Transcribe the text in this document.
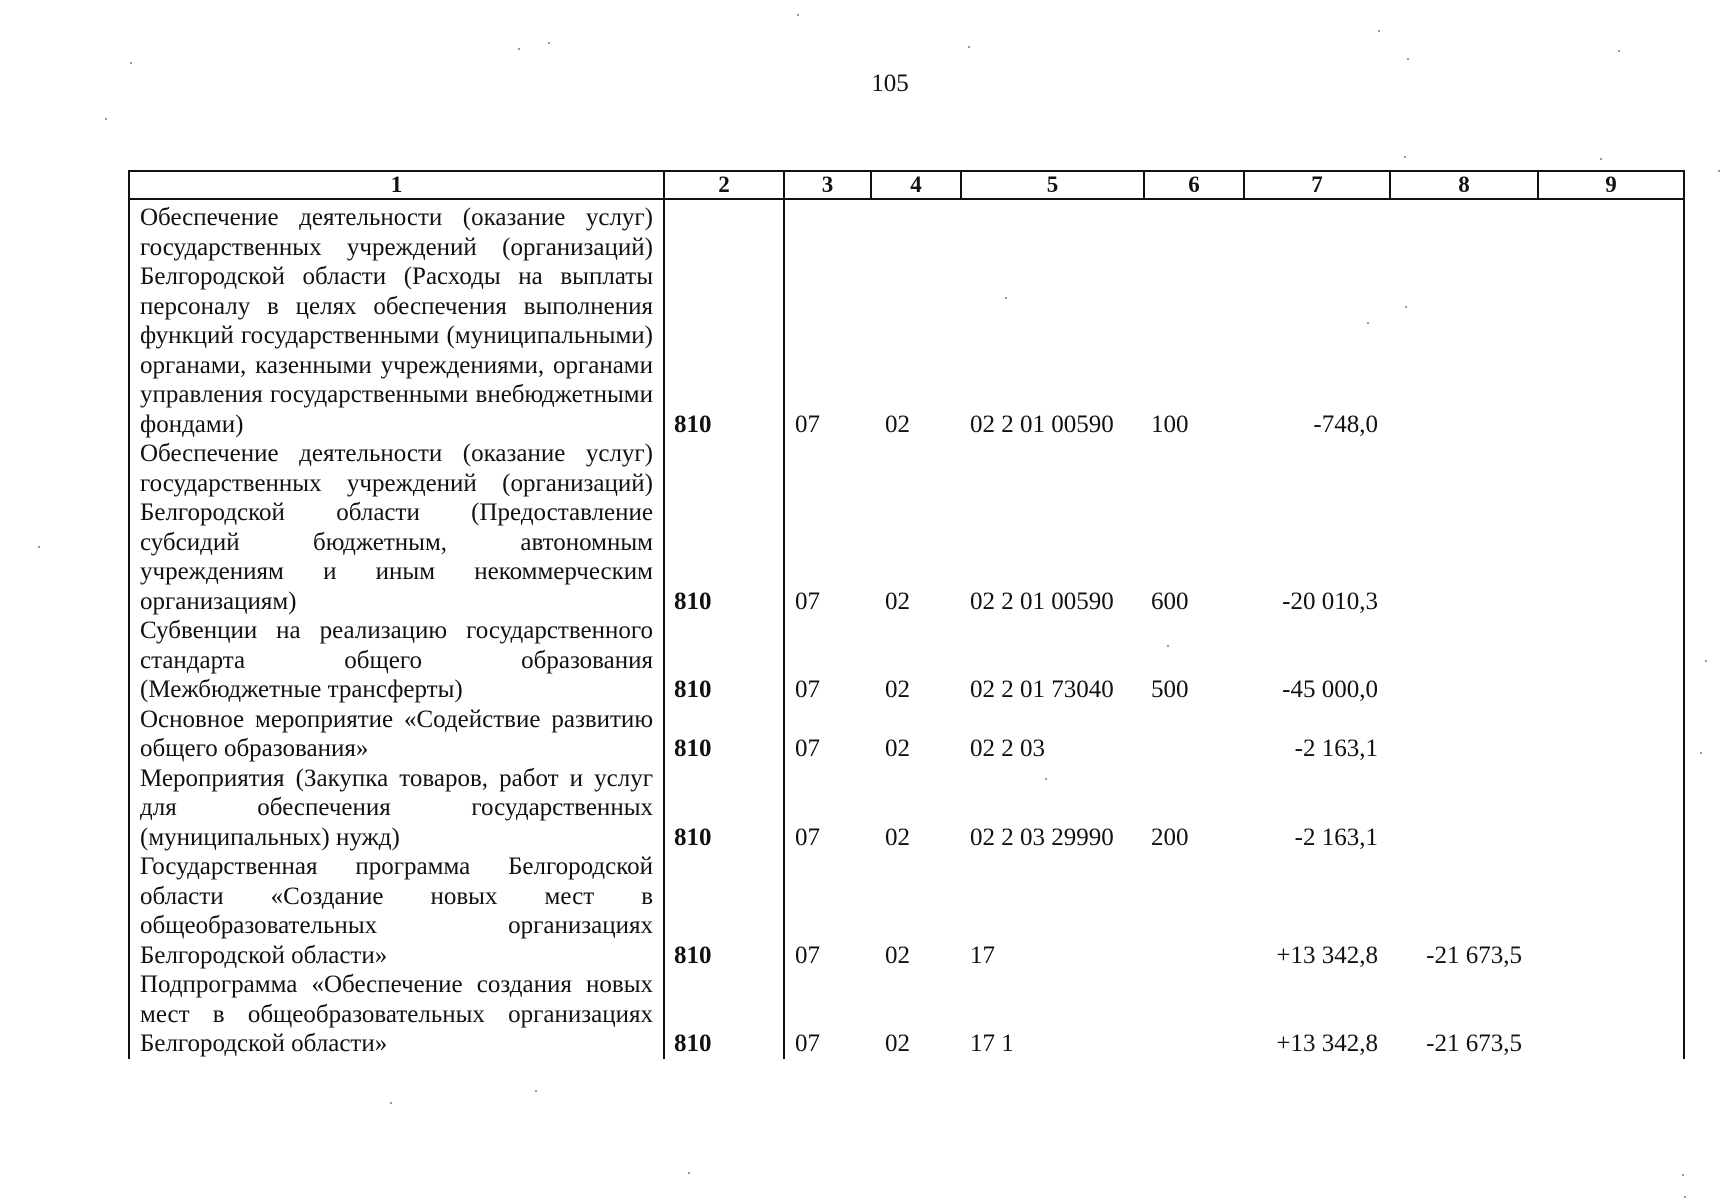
105
1	2	3	4	5	6	7	8	9
Обеспечение деятельности (оказание услуг) государственных учреждений (организаций) Белгородской области (Расходы на выплаты персоналу в целях обеспечения выполнения функций государственными (муниципальными) органами, казенными учреждениями, органами управления государственными внебюджетными фондами)	810	07	02	02 2 01 00590	100	-748,0		
Обеспечение деятельности (оказание услуг) государственных учреждений (организаций) Белгородской области (Предоставление субсидий бюджетным, автономным учреждениям и иным некоммерческим организациям)	810	07	02	02 2 01 00590	600	-20 010,3		
Субвенции на реализацию государственного стандарта общего образования (Межбюджетные трансферты)	810	07	02	02 2 01 73040	500	-45 000,0		
Основное мероприятие «Содействие развитию общего образования»	810	07	02	02 2 03		-2 163,1		
Мероприятия (Закупка товаров, работ и услуг для обеспечения государственных (муниципальных) нужд)	810	07	02	02 2 03 29990	200	-2 163,1		
Государственная программа Белгородской области «Создание новых мест в общеобразовательных организациях Белгородской области»	810	07	02	17		+13 342,8	-21 673,5	
Подпрограмма «Обеспечение создания новых мест в общеобразовательных организациях Белгородской области»	810	07	02	17 1		+13 342,8	-21 673,5	
